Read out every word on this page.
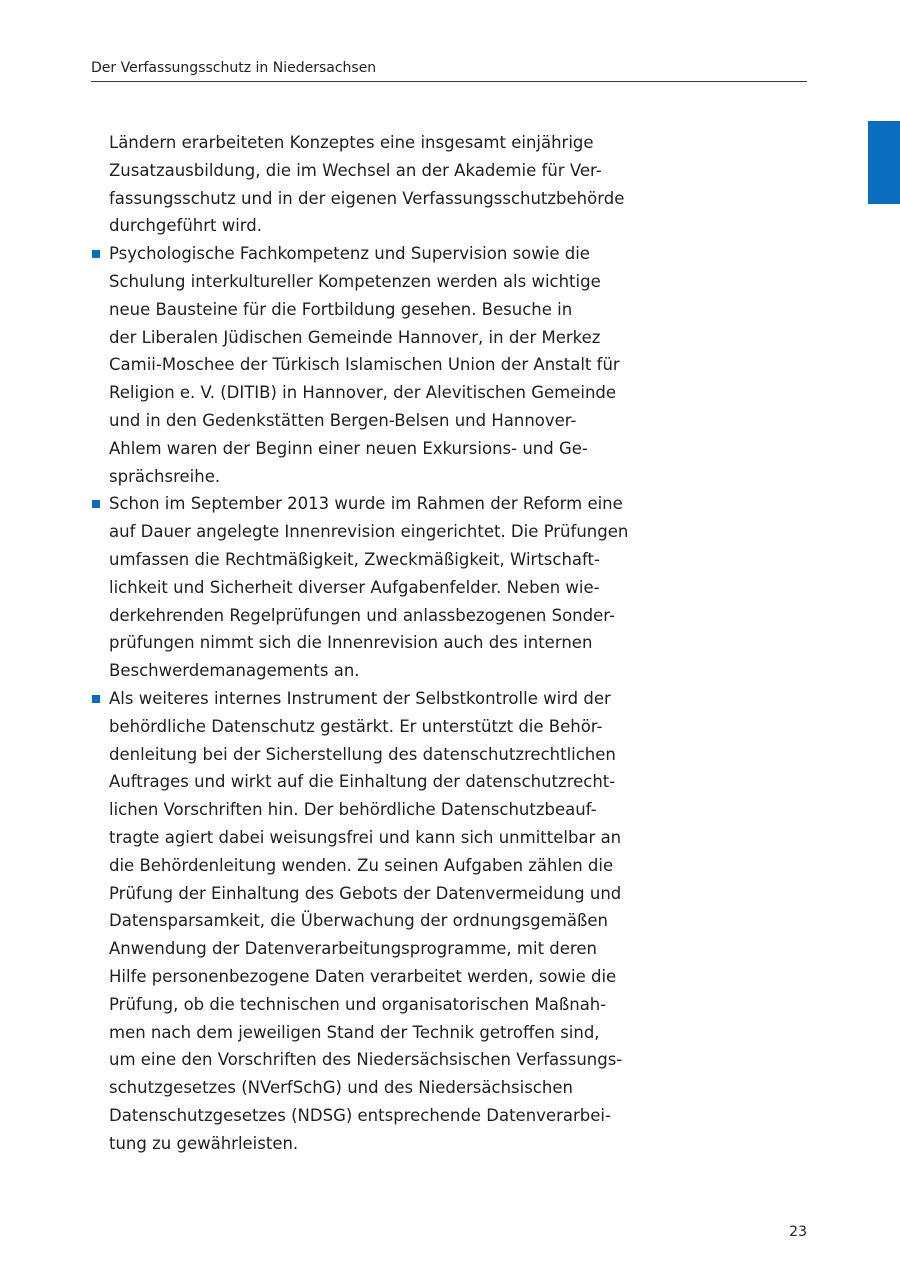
Der Verfassungsschutz in Niedersachsen
Ländern erarbeiteten Konzeptes eine insgesamt einjährige
Zusatzausbildung, die im Wechsel an der Akademie für Ver-
fassungsschutz und in der eigenen Verfassungsschutzbehörde
durchgeführt wird.
Psychologische Fachkompetenz und Supervision sowie die
Schulung interkultureller Kompetenzen werden als wichtige
neue Bausteine für die Fortbildung gesehen. Besuche in
der Liberalen Jüdischen Gemeinde Hannover, in der Merkez
Camii-Moschee der Türkisch Islamischen Union der Anstalt für
Religion e. V. (DITIB) in Hannover, der Alevitischen Gemeinde
und in den Gedenkstätten Bergen-Belsen und Hannover-
Ahlem waren der Beginn einer neuen Exkursions- und Ge-
sprächsreihe.
Schon im September 2013 wurde im Rahmen der Reform eine
auf Dauer angelegte Innenrevision eingerichtet. Die Prüfungen
umfassen die Rechtmäßigkeit, Zweckmäßigkeit, Wirtschaft-
lichkeit und Sicherheit diverser Aufgabenfelder. Neben wie-
derkehrenden Regelprüfungen und anlassbezogenen Sonder-
prüfungen nimmt sich die Innenrevision auch des internen
Beschwerdemanagements an.
Als weiteres internes Instrument der Selbstkontrolle wird der
behördliche Datenschutz gestärkt. Er unterstützt die Behör-
denleitung bei der Sicherstellung des datenschutzrechtlichen
Auftrages und wirkt auf die Einhaltung der datenschutzrecht-
lichen Vorschriften hin. Der behördliche Datenschutzbeauf-
tragte agiert dabei weisungsfrei und kann sich unmittelbar an
die Behördenleitung wenden. Zu seinen Aufgaben zählen die
Prüfung der Einhaltung des Gebots der Datenvermeidung und
Datensparsamkeit, die Überwachung der ordnungsgemäßen
Anwendung der Datenverarbeitungsprogramme, mit deren
Hilfe personenbezogene Daten verarbeitet werden, sowie die
Prüfung, ob die technischen und organisatorischen Maßnah-
men nach dem jeweiligen Stand der Technik getroffen sind,
um eine den Vorschriften des Niedersächsischen Verfassungs-
schutzgesetzes (NVerfSchG) und des Niedersächsischen
Datenschutzgesetzes (NDSG) entsprechende Datenverarbei-
tung zu gewährleisten.
23
